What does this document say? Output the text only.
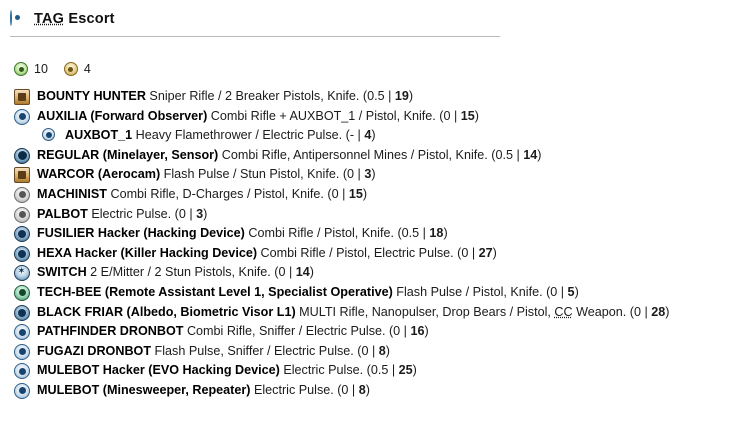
TAG Escort
10	4
BOUNTY HUNTER Sniper Rifle / 2 Breaker Pistols, Knife. (0.5 | 19)
AUXILIA (Forward Observer) Combi Rifle + AUXBOT_1 / Pistol, Knife. (0 | 15)
AUXBOT_1 Heavy Flamethrower / Electric Pulse. (- | 4)
REGULAR (Minelayer, Sensor) Combi Rifle, Antipersonnel Mines / Pistol, Knife. (0.5 | 14)
WARCOR (Aerocam) Flash Pulse / Stun Pistol, Knife. (0 | 3)
MACHINIST Combi Rifle, D-Charges / Pistol, Knife. (0 | 15)
PALBOT Electric Pulse. (0 | 3)
FUSILIER Hacker (Hacking Device) Combi Rifle / Pistol, Knife. (0.5 | 18)
HEXA Hacker (Killer Hacking Device) Combi Rifle / Pistol, Electric Pulse. (0 | 27)
✶
SWITCH 2 E/Mitter / 2 Stun Pistols, Knife. (0 | 14)
TECH-BEE (Remote Assistant Level 1, Specialist Operative) Flash Pulse / Pistol, Knife. (0 | 5)
BLACK FRIAR (Albedo, Biometric Visor L1) MULTI Rifle, Nanopulser, Drop Bears / Pistol, CC Weapon. (0 | 28)
PATHFINDER DRONBOT Combi Rifle, Sniffer / Electric Pulse. (0 | 16)
FUGAZI DRONBOT Flash Pulse, Sniffer / Electric Pulse. (0 | 8)
MULEBOT Hacker (EVO Hacking Device) Electric Pulse. (0.5 | 25)
MULEBOT (Minesweeper, Repeater) Electric Pulse. (0 | 8)
